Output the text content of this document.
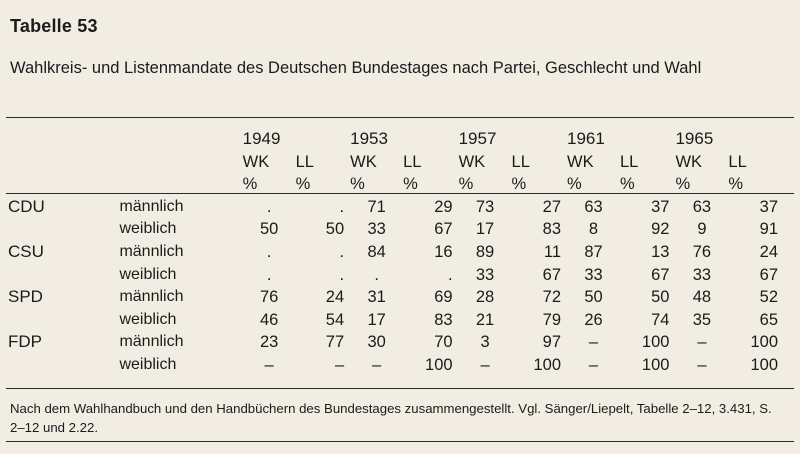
Tabelle 53
Wahlkreis- und Listenmandate des Deutschen Bundestages nach Partei, Geschlecht und Wahl
		1949		1953		1957		1961		1965	
		WK	LL	WK	LL	WK	LL	WK	LL	WK	LL
		%	%	%	%	%	%	%	%	%	%
CDU	männlich	.	.	71	29	73	27	63	37	63	37
	weiblich	50	50	33	67	17	83	8	92	9	91
CSU	männlich	.	.	84	16	89	11	87	13	76	24
	weiblich	.	.	.	.	33	67	33	67	33	67
SPD	männlich	76	24	31	69	28	72	50	50	48	52
	weiblich	46	54	17	83	21	79	26	74	35	65
FDP	männlich	23	77	30	70	3	97	–	100	–	100
	weiblich	–	–	–	100	–	100	–	100	–	100
Nach dem Wahlhandbuch und den Handbüchern des Bundestages zusammengestellt. Vgl. Sänger/Liepelt, Tabelle 2–12, 3.431, S. 2–12 und 2.22.
